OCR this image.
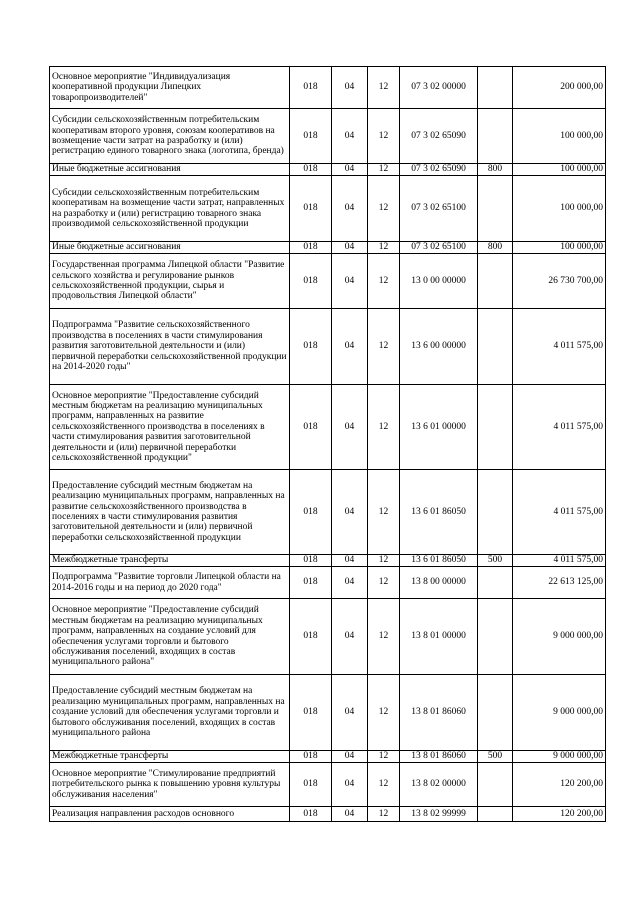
Основное мероприятие "Индивидуализация кооперативной продукции Липецких товаропроизводителей"	018	04	12	07 3 02 00000		200 000,00
Субсидии сельскохозяйственным потребительским кооперативам второго уровня, союзам кооперативов на возмещение части затрат на разработку и (или) регистрацию единого товарного знака (логотипа, бренда)	018	04	12	07 3 02 65090		100 000,00
Иные бюджетные ассигнования	018	04	12	07 3 02 65090	800	100 000,00
Субсидии сельскохозяйственным потребительским кооперативам на возмещение части затрат, направленных на разработку и (или) регистрацию товарного знака производимой сельскохозяйственной продукции	018	04	12	07 3 02 65100		100 000,00
Иные бюджетные ассигнования	018	04	12	07 3 02 65100	800	100 000,00
Государственная программа Липецкой области "Развитие сельского хозяйства и регулирование рынков сельскохозяйственной продукции, сырья и продовольствия Липецкой области"	018	04	12	13 0 00 00000		26 730 700,00
Подпрограмма "Развитие сельскохозяйственного производства в поселениях в части стимулирования развития заготовительной деятельности и (или) первичной переработки сельскохозяйственной продукции на 2014-2020 годы"	018	04	12	13 6 00 00000		4 011 575,00
Основное мероприятие "Предоставление субсидий местным бюджетам на реализацию муниципальных программ, направленных на развитие сельскохозяйственного производства в поселениях в части стимулирования развития заготовительной деятельности и (или) первичной переработки сельскохозяйственной продукции"	018	04	12	13 6 01 00000		4 011 575,00
Предоставление субсидий местным бюджетам на реализацию муниципальных программ, направленных на развитие сельскохозяйственного производства в поселениях в части стимулирования развития заготовительной деятельности и (или) первичной переработки сельскохозяйственной продукции	018	04	12	13 6 01 86050		4 011 575,00
Межбюджетные трансферты	018	04	12	13 6 01 86050	500	4 011 575,00
Подпрограмма "Развитие торговли Липецкой области на 2014-2016 годы и на период до 2020 года"	018	04	12	13 8 00 00000		22 613 125,00
Основное мероприятие "Предоставление субсидий местным бюджетам на реализацию муниципальных программ, направленных на создание условий для обеспечения услугами торговли и бытового обслуживания поселений, входящих в состав муниципального района"	018	04	12	13 8 01 00000		9 000 000,00
Предоставление субсидий местным бюджетам на реализацию муниципальных программ, направленных на создание условий для обеспечения услугами торговли и бытового обслуживания поселений, входящих в состав муниципального района	018	04	12	13 8 01 86060		9 000 000,00
Межбюджетные трансферты	018	04	12	13 8 01 86060	500	9 000 000,00
Основное мероприятие "Стимулирование предприятий потребительского рынка к повышению уровня культуры обслуживания населения"	018	04	12	13 8 02 00000		120 200,00
Реализация направления расходов основного	018	04	12	13 8 02 99999		120 200,00
